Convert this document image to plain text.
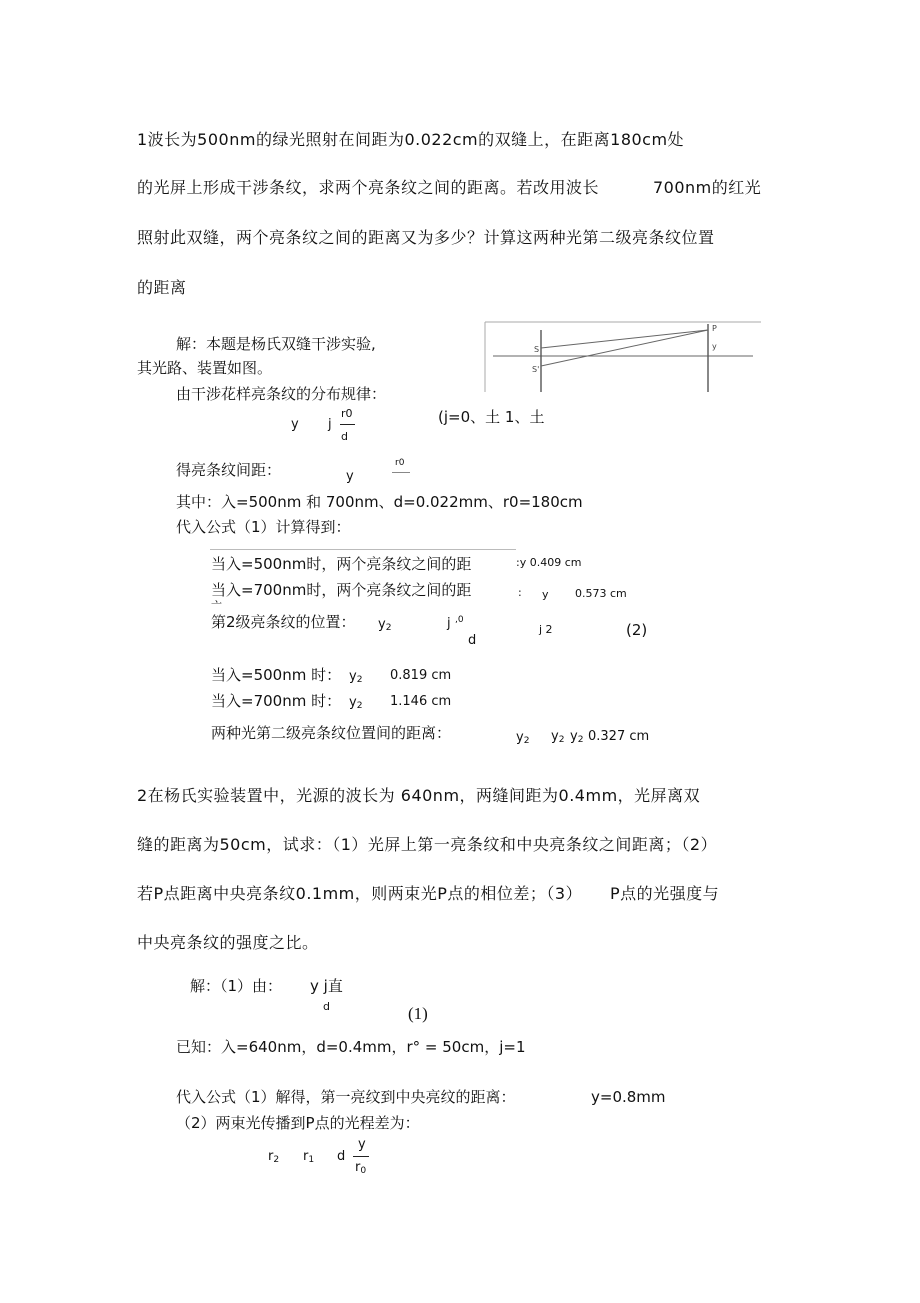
1波长为500nm的绿光照射在间距为0.022cm的双缝上，在距离180cm处
的光屏上形成干涉条纹，求两个亮条纹之间的距离。若改用波长	700nm的红光
照射此双缝，两个亮条纹之间的距离又为多少？计算这两种光第二级亮条纹位置
的距离
解：本题是杨氏双缝干涉实验,
其光路、装置如图。
P
y
S
S'
由干涉花样亮条纹的分布规律：
y j
r0
d
(j=0、土 1、土
得亮条纹间距：	y
r0
其中：入=500nm 和 700nm、d=0.022mm、r0=180cm
代入公式（1）计算得到：
当入=500nm时，两个亮条纹之间的距	:y 0.409 cm
当入=700nm时，两个亮条纹之间的距	: y 0.573 cm
亠
第2级亮条纹的位置： $y_2$	j ,0
d
j 2	(2)
当入=500nm 时： $y_2$ 0.819 cm
当入=700nm 时： $y_2$ 1.146 cm
两种光第二级亮条纹位置间的距离：	$y_2$ $y_2$ $y_2$ 0.327 cm
2在杨氏实验装置中，光源的波长为 640nm，两缝间距为0.4mm，光屏离双
缝的距离为50cm，试求：（1）光屏上第一亮条纹和中央亮条纹之间距离；（2）
若P点距离中央亮条纹0.1mm，则两束光P点的相位差；（3） P点的光强度与
中央亮条纹的强度之比。
解：（1）由： y j直
d	(1)
已知：入=640nm，d=0.4mm，r° = 50cm，j=1
代入公式（1）解得，第一亮纹到中央亮纹的距离：	y=0.8mm
（2）两束光传播到P点的光程差为：
$r_2$ $r_1$ d
y
$r_0$
